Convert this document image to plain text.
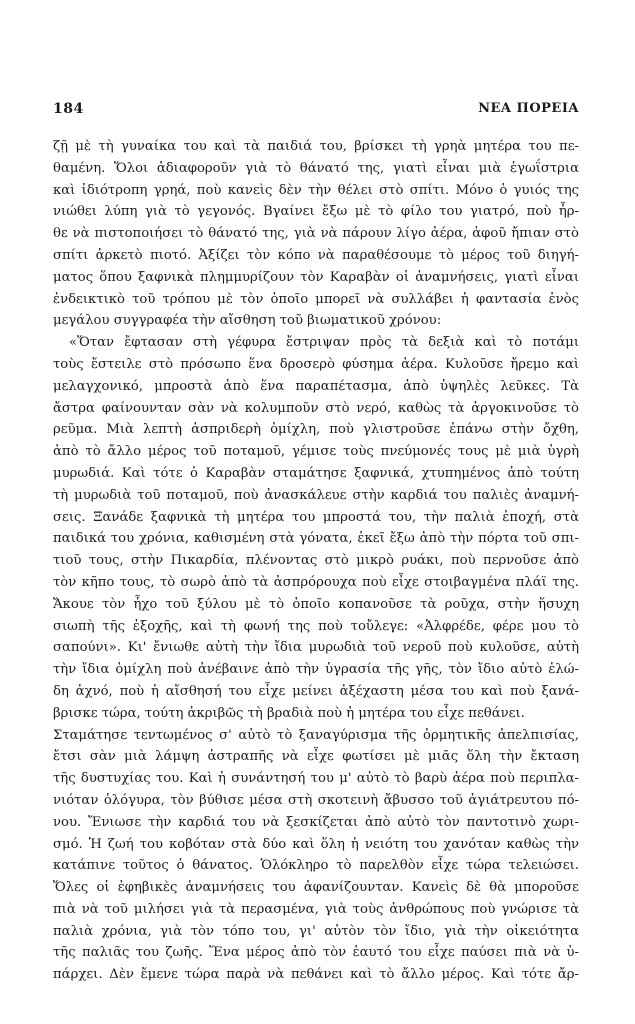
184	ΝΕΑ ΠΟΡΕΙΑ
ζῇ μὲ τὴ γυναίκα του καὶ τὰ παιδιά του, βρίσκει τὴ γρηὰ μητέρα του πε-
θαμένη. Ὅλοι ἀδιαφοροῦν γιὰ τὸ θάνατό της, γιατὶ εἶναι μιὰ ἐγωΐστρια
καὶ ἰδιότροπη γρηά, ποὺ κανεὶς δὲν τὴν θέλει στὸ σπίτι. Μόνο ὁ γυιός της
νιώθει λύπη γιὰ τὸ γεγονός. Βγαίνει ἔξω μὲ τὸ φίλο του γιατρό, ποὺ ἦρ-
θε νὰ πιστοποιήσει τὸ θάνατό της, γιὰ νὰ πάρουν λίγο ἀέρα, ἀφοῦ ἤπιαν στὸ
σπίτι ἀρκετὸ πιοτό. Ἀξίζει τὸν κόπο νὰ παραθέσουμε τὸ μέρος τοῦ διηγή-
ματος ὅπου ξαφνικὰ πλημμυρίζουν τὸν Καραβὰν οἱ ἀναμνήσεις, γιατὶ εἶναι
ἐνδεικτικὸ τοῦ τρόπου μὲ τὸν ὁποῖο μπορεῖ νὰ συλλάβει ἡ φαντασία ἑνὸς
μεγάλου συγγραφέα τὴν αἴσθηση τοῦ βιωματικοῦ χρόνου:
«Ὅταν ἔφτασαν στὴ γέφυρα ἔστριψαν πρὸς τὰ δεξιὰ καὶ τὸ ποτάμι
τοὺς ἔστειλε στὸ πρόσωπο ἕνα δροσερὸ φύσημα ἀέρα. Κυλοῦσε ἤρεμο καὶ
μελαγχονικό, μπροστὰ ἀπὸ ἕνα παραπέτασμα, ἀπὸ ὑψηλὲς λεῦκες. Τὰ
ἄστρα φαίνουνταν σὰν νὰ κολυμποῦν στὸ νερό, καθὼς τὰ ἀργοκινοῦσε τὸ
ρεῦμα. Μιὰ λεπτὴ ἀσπριδερὴ ὁμίχλη, ποὺ γλιστροῦσε ἐπάνω στὴν ὄχθη,
ἀπὸ τὸ ἄλλο μέρος τοῦ ποταμοῦ, γέμισε τοὺς πνεύμονές τους μὲ μιὰ ὑγρὴ
μυρωδιά. Καὶ τότε ὁ Καραβὰν σταμάτησε ξαφνικά, χτυπημένος ἀπὸ τούτη
τὴ μυρωδιὰ τοῦ ποταμοῦ, ποὺ ἀνασκάλευε στὴν καρδιά του παλιὲς ἀναμνή-
σεις. Ξανάδε ξαφνικὰ τὴ μητέρα του μπροστά του, τὴν παλιὰ ἐποχή, στὰ
παιδικά του χρόνια, καθισμένη στὰ γόνατα, ἐκεῖ ἔξω ἀπὸ τὴν πόρτα τοῦ σπι-
τιοῦ τους, στὴν Πικαρδία, πλένοντας στὸ μικρὸ ρυάκι, ποὺ περνοῦσε ἀπὸ
τὸν κῆπο τους, τὸ σωρὸ ἀπὸ τὰ ἀσπρόρουχα ποὺ εἶχε στοιβαγμένα πλάϊ της.
Ἄκουε τὸν ἦχο τοῦ ξύλου μὲ τὸ ὁποῖο κοπανοῦσε τὰ ροῦχα, στὴν ἥσυχη
σιωπὴ τῆς ἐξοχῆς, καὶ τὴ φωνή της ποὺ τοὔλεγε: «Ἀλφρέδε, φέρε μου τὸ
σαπούνι». Κι' ἔνιωθε αὐτὴ τὴν ἴδια μυρωδιὰ τοῦ νεροῦ ποὺ κυλοῦσε, αὐτὴ
τὴν ἴδια ὁμίχλη ποὺ ἀνέβαινε ἀπὸ τὴν ὑγρασία τῆς γῆς, τὸν ἴδιο αὐτὸ ἑλώ-
δη ἀχνό, ποὺ ἡ αἴσθησή του εἶχε μείνει ἀξέχαστη μέσα του καὶ ποὺ ξανά-
βρισκε τώρα, τούτη ἀκριβῶς τὴ βραδιὰ ποὺ ἡ μητέρα του εἶχε πεθάνει.
Σταμάτησε τεντωμένος σ' αὐτὸ τὸ ξαναγύρισμα τῆς ὁρμητικῆς ἀπελπισίας,
ἔτσι σὰν μιὰ λάμψη ἀστραπῆς νὰ εἶχε φωτίσει μὲ μιᾶς ὅλη τὴν ἔκταση
τῆς δυστυχίας του. Καὶ ἡ συνάντησή του μ' αὐτὸ τὸ βαρὺ ἀέρα ποὺ περιπλα-
νιόταν ὁλόγυρα, τὸν βύθισε μέσα στὴ σκοτεινὴ ἄβυσσο τοῦ ἀγιάτρευτου πό-
νου. Ἔνιωσε τὴν καρδιά του νὰ ξεσκίζεται ἀπὸ αὐτὸ τὸν παντοτινὸ χωρι-
σμό. Ἡ ζωή του κοβόταν στὰ δύο καὶ ὅλη ἡ νειότη του χανόταν καθὼς τὴν
κατάπινε τοῦτος ὁ θάνατος. Ὁλόκληρο τὸ παρελθὸν εἶχε τώρα τελειώσει.
Ὅλες οἱ ἐφηβικὲς ἀναμνήσεις του ἀφανίζουνταν. Κανεὶς δὲ θὰ μποροῦσε
πιὰ νὰ τοῦ μιλήσει γιὰ τὰ περασμένα, γιὰ τοὺς ἀνθρώπους ποὺ γνώρισε τὰ
παλιὰ χρόνια, γιὰ τὸν τόπο του, γι' αὐτὸν τὸν ἴδιο, γιὰ τὴν οἰκειότητα
τῆς παλιᾶς του ζωῆς. Ἕνα μέρος ἀπὸ τὸν ἑαυτό του εἶχε παύσει πιὰ νὰ ὑ-
πάρχει. Δὲν ἔμενε τώρα παρὰ νὰ πεθάνει καὶ τὸ ἄλλο μέρος. Καὶ τότε ἄρ-
